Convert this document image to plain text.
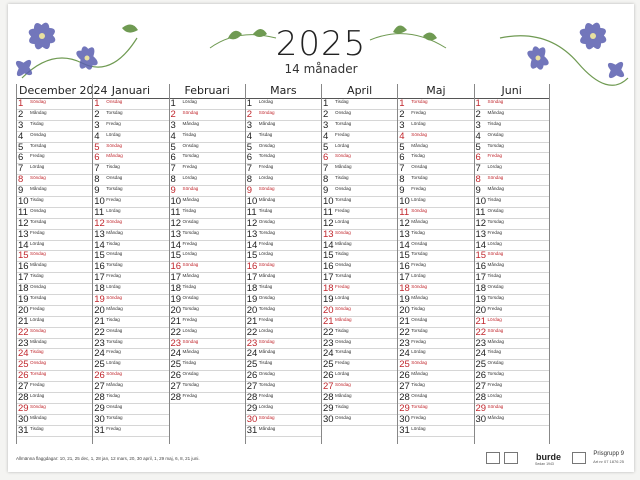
2025
14 månader
December 2024
1 Söndag
2 Måndag
3 Tisdag
4 Onsdag
5 Torsdag
6 Fredag
7 Lördag
8 Söndag
9 Måndag
10 Tisdag
11 Onsdag
12 Torsdag
13 Fredag
14 Lördag
15 Söndag
16 Måndag
17 Tisdag
18 Onsdag
19 Torsdag
20 Fredag
21 Lördag
22 Söndag
23 Måndag
24 Tisdag
25 Onsdag
26 Torsdag
27 Fredag
28 Lördag
29 Söndag
30 Måndag
31 Tisdag
Januari
1 Onsdag
2 Torsdag
3 Fredag
4 Lördag
5 Söndag
6 Måndag
7 Tisdag
8 Onsdag
9 Torsdag
10 Fredag
11 Lördag
12 Söndag
13 Måndag
14 Tisdag
15 Onsdag
16 Torsdag
17 Fredag
18 Lördag
19 Söndag
20 Måndag
21 Tisdag
22 Onsdag
23 Torsdag
24 Fredag
25 Lördag
26 Söndag
27 Måndag
28 Tisdag
29 Onsdag
30 Torsdag
31 Fredag
Februari
1 Lördag
2 Söndag
3 Måndag
4 Tisdag
5 Onsdag
6 Torsdag
7 Fredag
8 Lördag
9 Söndag
10 Måndag
11 Tisdag
12 Onsdag
13 Torsdag
14 Fredag
15 Lördag
16 Söndag
17 Måndag
18 Tisdag
19 Onsdag
20 Torsdag
21 Fredag
22 Lördag
23 Söndag
24 Måndag
25 Tisdag
26 Onsdag
27 Torsdag
28 Fredag
Mars
1 Lördag
2 Söndag
3 Måndag
4 Tisdag
5 Onsdag
6 Torsdag
7 Fredag
8 Lördag
9 Söndag
10 Måndag
11 Tisdag
12 Onsdag
13 Torsdag
14 Fredag
15 Lördag
16 Söndag
17 Måndag
18 Tisdag
19 Onsdag
20 Torsdag
21 Fredag
22 Lördag
23 Söndag
24 Måndag
25 Tisdag
26 Onsdag
27 Torsdag
28 Fredag
29 Lördag
30 Söndag
31 Måndag
April
1 Tisdag
2 Onsdag
3 Torsdag
4 Fredag
5 Lördag
6 Söndag
7 Måndag
8 Tisdag
9 Onsdag
10 Torsdag
11 Fredag
12 Lördag
13 Söndag
14 Måndag
15 Tisdag
16 Onsdag
17 Torsdag
18 Fredag
19 Lördag
20 Söndag
21 Måndag
22 Tisdag
23 Onsdag
24 Torsdag
25 Fredag
26 Lördag
27 Söndag
28 Måndag
29 Tisdag
30 Onsdag
Maj
1 Torsdag
2 Fredag
3 Lördag
4 Söndag
5 Måndag
6 Tisdag
7 Onsdag
8 Torsdag
9 Fredag
10 Lördag
11 Söndag
12 Måndag
13 Tisdag
14 Onsdag
15 Torsdag
16 Fredag
17 Lördag
18 Söndag
19 Måndag
20 Tisdag
21 Onsdag
22 Torsdag
23 Fredag
24 Lördag
25 Söndag
26 Måndag
27 Tisdag
28 Onsdag
29 Torsdag
30 Fredag
31 Lördag
Juni
1 Söndag
2 Måndag
3 Tisdag
4 Onsdag
5 Torsdag
6 Fredag
7 Lördag
8 Söndag
9 Måndag
10 Tisdag
11 Onsdag
12 Torsdag
13 Fredag
14 Lördag
15 Söndag
16 Måndag
17 Tisdag
18 Onsdag
19 Torsdag
20 Fredag
21 Lördag
22 Söndag
23 Måndag
24 Tisdag
25 Onsdag
26 Torsdag
27 Fredag
28 Lördag
29 Söndag
30 Måndag
Allmänna flaggdagar: 10, 21, 25 dec, 1, 28 jan, 12 mars, 20, 30 april, 1, 29 maj, 6, 8, 21 juni.	burde
Sedan 1943
Prisgrupp 9
Art nr 07 1876 25
